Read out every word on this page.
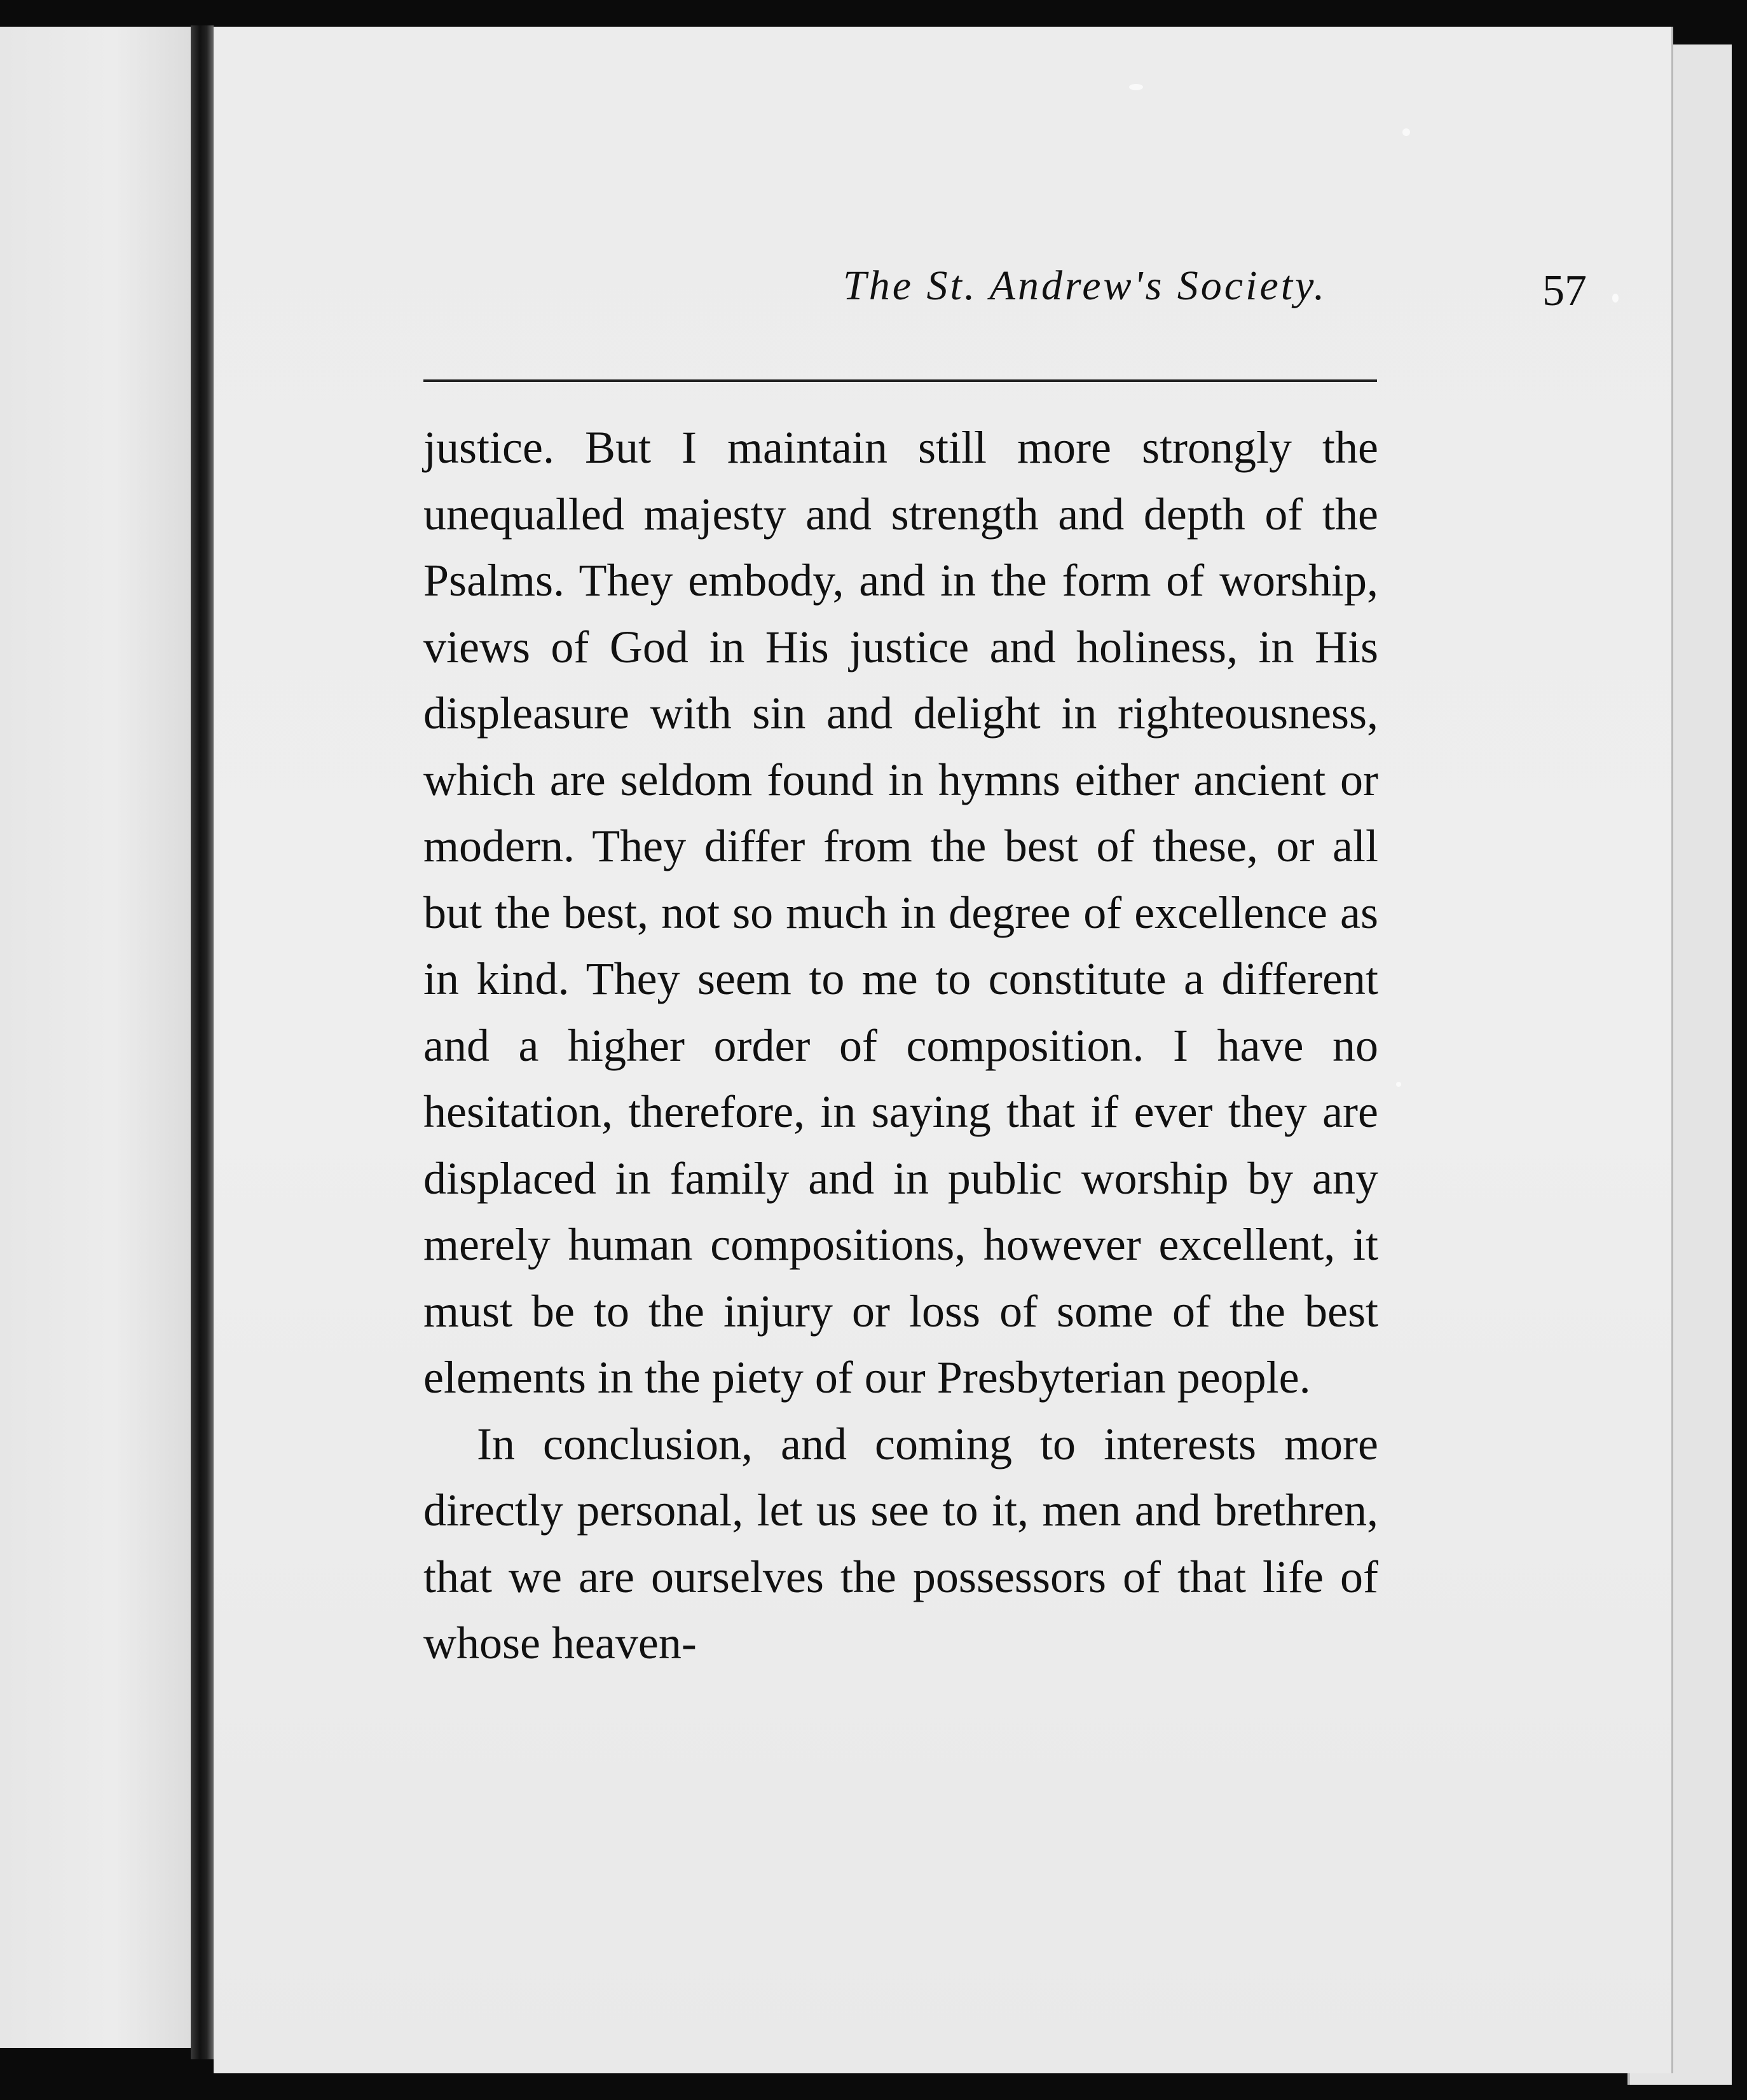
The St. Andrew's Society.	57

justice. But I maintain still more strongly the unequalled majesty and strength and depth of the Psalms. They embody, and in the form of worship, views of God in His justice and holiness, in His displeasure with sin and delight in righteousness, which are seldom found in hymns either ancient or modern. They differ from the best of these, or all but the best, not so much in degree of excellence as in kind. They seem to me to constitute a different and a higher order of composition. I have no hesitation, therefore, in saying that if ever they are displaced in family and in public worship by any merely human compositions, however excellent, it must be to the injury or loss of some of the best elements in the piety of our Presbyterian people.

In conclusion, and coming to interests more directly personal, let us see to it, men and brethren, that we are ourselves the possessors of that life of whose heaven-
